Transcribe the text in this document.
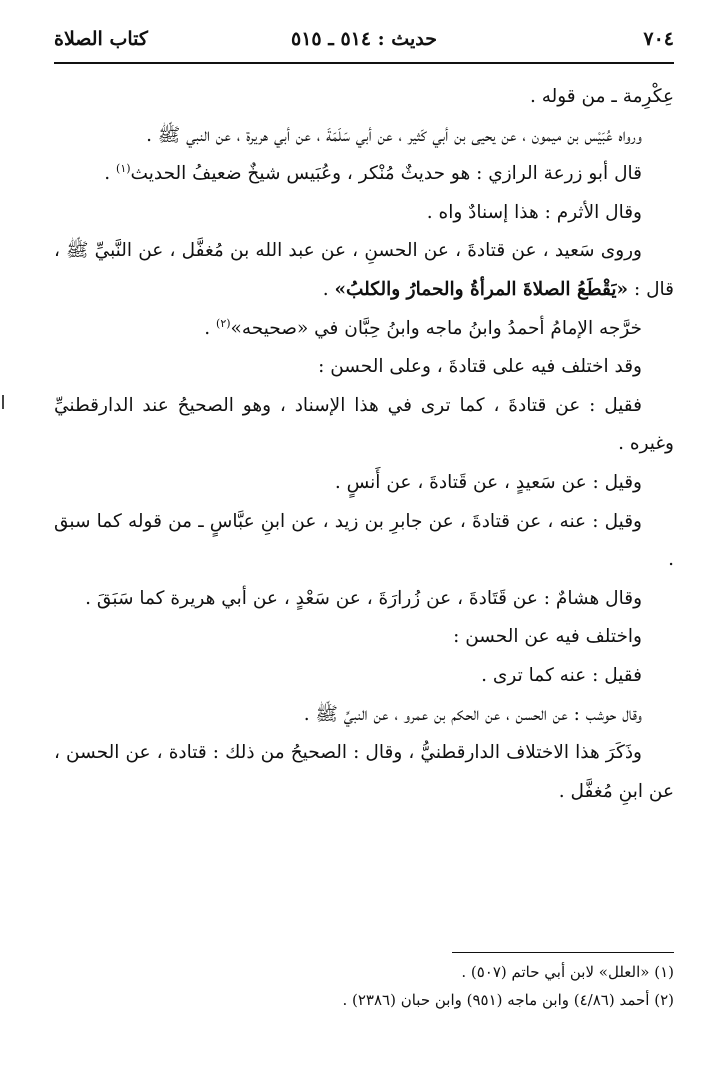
٧٠٤
حديث : ٥١٤ ـ ٥١٥
كتاب الصلاة

عِكْرِمة ـ من قوله .

ورواه عُبَيْس بن ميمون ، عن يحيى بن أبي كَثير ، عن أبي سَلَمَةَ ، عن أبي هريرة ، عن النبي ﷺ .

قال أبو زرعة الرازي : هو حديثٌ مُنْكر ، وعُبَيس شيخٌ ضعيفُ الحديث$^{(١)}$ .

وقال الأثرم : هذا إسنادٌ واه .

وروى سَعيد ، عن قتادةَ ، عن الحسنِ ، عن عبد الله بن مُغفَّل ، عن النَّبيِّ ﷺ ، قال : «يَقْطَعُ الصلاةَ المرأةُ والحمارُ والكلبُ» .

خرَّجه الإمامُ أحمدُ وابنُ ماجه وابنُ حِبَّان في «صحيحه»$^{(٢)}$ .

وقد اختلف فيه على قتادةَ ، وعلى الحسن :

فقيل : عن قتادةَ ، كما ترى في هذا الإسناد ، وهو الصحيحُ عند الدارقطنيِّ وغيره .

وقيل : عن سَعيدٍ ، عن قَتادةَ ، عن أَنسٍ .

وقيل : عنه ، عن قتادةَ ، عن جابرِ بن زيد ، عن ابنِ عبَّاسٍ ـ من قوله كما سبق .

وقال هشامٌ : عن قَتَادةَ ، عن زُرارَةَ ، عن سَعْدٍ ، عن أبي هريرة كما سَبَقَ .

واختلف فيه عن الحسن :

فقيل : عنه كما ترى .

وقال حوشب : عن الحسن ، عن الحكم بن عمرو ، عن النبيِّ ﷺ .

وذَكَرَ هذا الاختلاف الدارقطنيُّ ، وقال : الصحيحُ من ذلك : قتادة ، عن الحسن ، عن ابنِ مُغفَّل .

(١) «العلل» لابن أبي حاتم (٥٠٧) .

(٢) أحمد (٤/٨٦) وابن ماجه (٩٥١) وابن حبان (٢٣٨٦) .
